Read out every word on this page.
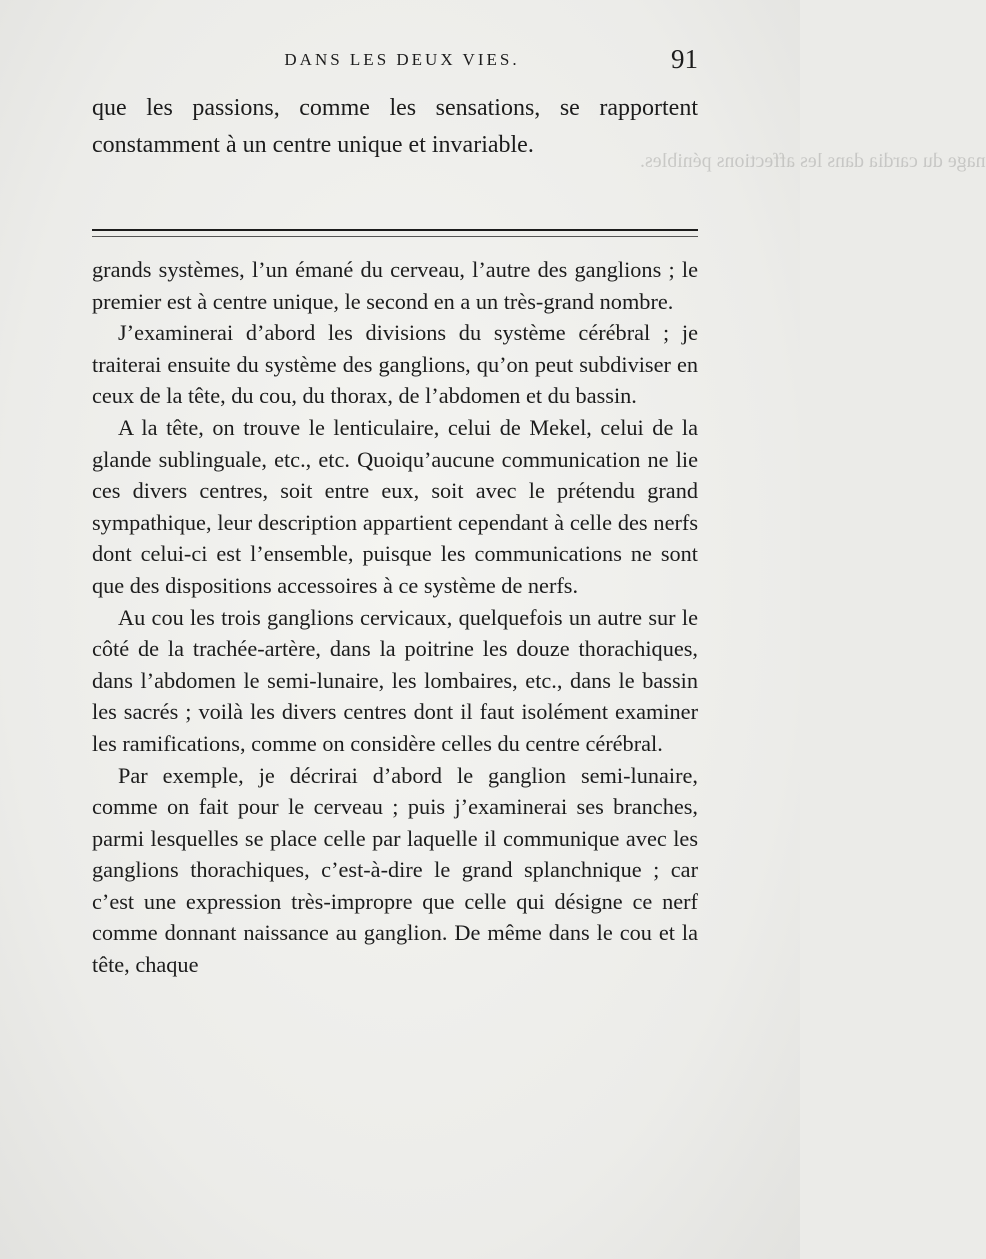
nage du cardia dans les affections pénibles.
DANS LES DEUX VIES.	91

que les passions, comme les sensations, se rapportent constamment à un centre unique et invariable.

grands systèmes, l’un émané du cerveau, l’autre des ganglions ; le premier est à centre unique, le second en a un très-grand nombre.

J’examinerai d’abord les divisions du système cérébral ; je traiterai ensuite du système des ganglions, qu’on peut subdiviser en ceux de la tête, du cou, du thorax, de l’abdomen et du bassin.

A la tête, on trouve le lenticulaire, celui de Mekel, celui de la glande sublinguale, etc., etc. Quoiqu’aucune communication ne lie ces divers centres, soit entre eux, soit avec le prétendu grand sympathique, leur description appartient cependant à celle des nerfs dont celui-ci est l’ensemble, puisque les communications ne sont que des dispositions accessoires à ce système de nerfs.

Au cou les trois ganglions cervicaux, quelquefois un autre sur le côté de la trachée-artère, dans la poitrine les douze thorachiques, dans l’abdomen le semi-lunaire, les lombaires, etc., dans le bassin les sacrés ; voilà les divers centres dont il faut isolément examiner les ramifications, comme on considère celles du centre cérébral.

Par exemple, je décrirai d’abord le ganglion semi-lunaire, comme on fait pour le cerveau ; puis j’examinerai ses branches, parmi lesquelles se place celle par laquelle il communique avec les ganglions thorachiques, c’est-à-dire le grand splanchnique ; car c’est une expression très-impropre que celle qui désigne ce nerf comme donnant naissance au ganglion. De même dans le cou et la tête, chaque
